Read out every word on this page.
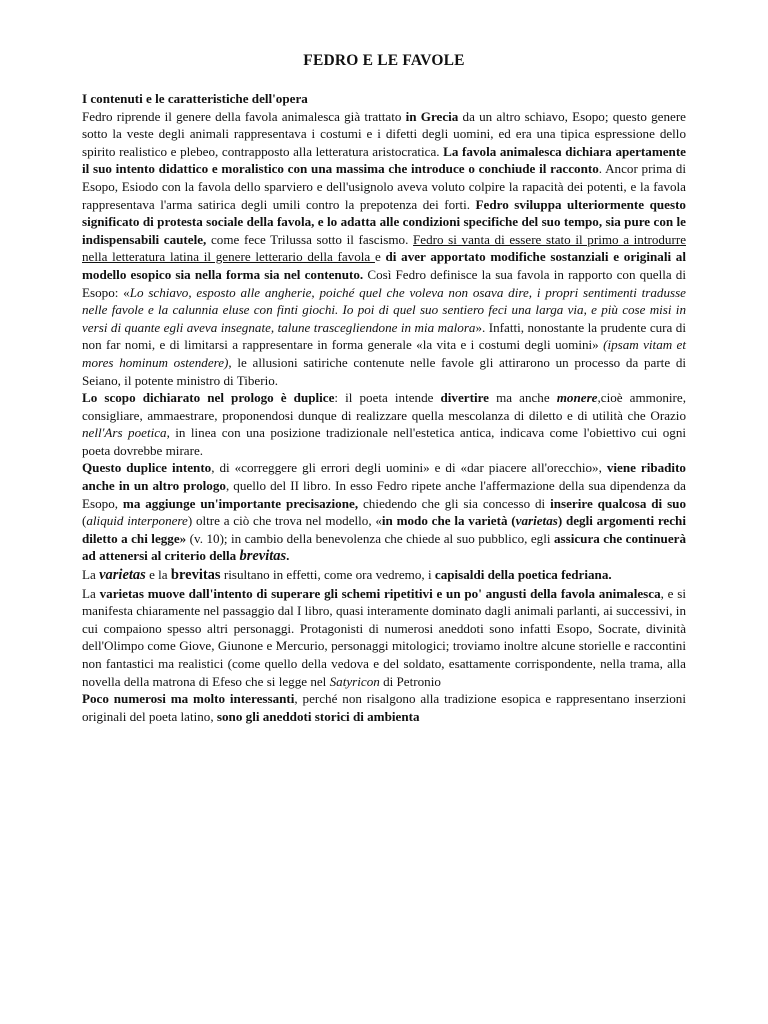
FEDRO E LE FAVOLE
I contenuti e le caratteristiche dell'opera

Fedro riprende il genere della favola animalesca già trattato in Grecia da un altro schiavo, Esopo; questo genere sotto la veste degli animali rappresentava i costumi e i difetti degli uomini, ed era una tipica espressione dello spirito realistico e plebeo, contrapposto alla letteratura aristocratica. La favola animalesca dichiara apertamente il suo intento didattico e moralistico con una massima che introduce o conchiude il racconto. Ancor prima di Esopo, Esiodo con la favola dello sparviero e dell'usignolo aveva voluto colpire la rapacità dei potenti, e la favola rappresentava l'arma satirica degli umili contro la prepotenza dei forti. Fedro sviluppa ulteriormente questo significato di protesta sociale della favola, e lo adatta alle condizioni specifiche del suo tempo, sia pure con le indispensabili cautele, come fece Trilussa sotto il fascismo. Fedro si vanta di essere stato il primo a introdurre nella letteratura latina il genere letterario della favola e di aver apportato modifiche sostanziali e originali al modello esopico sia nella forma sia nel contenuto. Così Fedro definisce la sua favola in rapporto con quella di Esopo: «Lo schiavo, esposto alle angherie, poiché quel che voleva non osava dire, i propri sentimenti tradusse nelle favole e la calunnia eluse con finti giochi. Io poi di quel suo sentiero feci una larga via, e più cose misi in versi di quante egli aveva insegnate, talune trascegliendone in mia malora». Infatti, nonostante la prudente cura di non far nomi, e di limitarsi a rappresentare in forma generale «la vita e i costumi degli uomini» (ipsam vitam et mores hominum ostendere), le allusioni satiriche contenute nelle favole gli attirarono un processo da parte di Seiano, il potente ministro di Tiberio.

Lo scopo dichiarato nel prologo è duplice: il poeta intende divertire ma anche monere,cioè ammonire, consigliare, ammaestrare, proponendosi dunque di realizzare quella mescolanza di diletto e di utilità che Orazio nell'Ars poetica, in linea con una posizione tradizionale nell'estetica antica, indicava come l'obiettivo cui ogni poeta dovrebbe mirare.

Questo duplice intento, di «correggere gli errori degli uomini» e di «dar piacere all'orecchio», viene ribadito anche in un altro prologo, quello del II libro. In esso Fedro ripete anche l'affermazione della sua dipendenza da Esopo, ma aggiunge un'importante precisazione, chiedendo che gli sia concesso di inserire qualcosa di suo (aliquid interponere) oltre a ciò che trova nel modello, «in modo che la varietà (varietas) degli argomenti rechi diletto a chi legge» (v. 10); in cambio della benevolenza che chiede al suo pubblico, egli assicura che continuerà ad attenersi al criterio della brevitas.

La varietas e la brevitas risultano in effetti, come ora vedremo, i capisaldi della poetica fedriana.

La varietas muove dall'intento di superare gli schemi ripetitivi e un po' angusti della favola animalesca, e si manifesta chiaramente nel passaggio dal I libro, quasi interamente dominato dagli animali parlanti, ai successivi, in cui compaiono spesso altri personaggi. Protagonisti di numerosi aneddoti sono infatti Esopo, Socrate, divinità dell'Olimpo come Giove, Giunone e Mercurio, personaggi mitologici; troviamo inoltre alcune storielle e raccontini non fantastici ma realistici (come quello della vedova e del soldato, esattamente corrispondente, nella trama, alla novella della matrona di Efeso che si legge nel Satyricon di Petronio

Poco numerosi ma molto interessanti, perché non risalgono alla tradizione esopica e rappresentano inserzioni originali del poeta latino, sono gli aneddoti storici di ambienta
